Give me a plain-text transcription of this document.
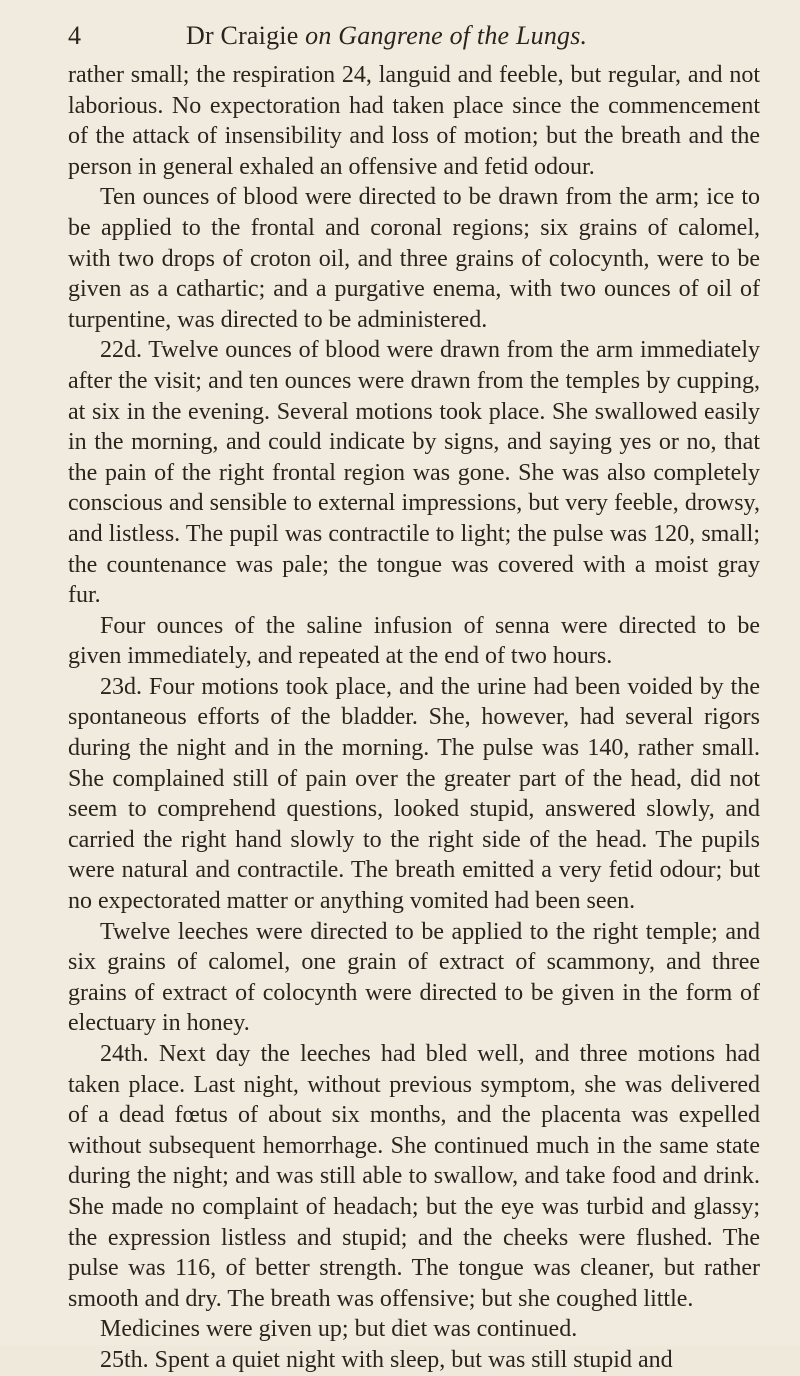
4	Dr Craigie on Gangrene of the Lungs.

rather small; the respiration 24, languid and feeble, but regular, and not laborious. No expectoration had taken place since the commencement of the attack of insensibility and loss of motion; but the breath and the person in general exhaled an offensive and fetid odour.

Ten ounces of blood were directed to be drawn from the arm; ice to be applied to the frontal and coronal regions; six grains of calomel, with two drops of croton oil, and three grains of colocynth, were to be given as a cathartic; and a purgative enema, with two ounces of oil of turpentine, was directed to be administered.

22d. Twelve ounces of blood were drawn from the arm immediately after the visit; and ten ounces were drawn from the temples by cupping, at six in the evening. Several motions took place. She swallowed easily in the morning, and could indicate by signs, and saying yes or no, that the pain of the right frontal region was gone. She was also completely conscious and sensible to external impressions, but very feeble, drowsy, and listless. The pupil was contractile to light; the pulse was 120, small; the countenance was pale; the tongue was covered with a moist gray fur.

Four ounces of the saline infusion of senna were directed to be given immediately, and repeated at the end of two hours.

23d. Four motions took place, and the urine had been voided by the spontaneous efforts of the bladder. She, however, had several rigors during the night and in the morning. The pulse was 140, rather small. She complained still of pain over the greater part of the head, did not seem to comprehend questions, looked stupid, answered slowly, and carried the right hand slowly to the right side of the head. The pupils were natural and contractile. The breath emitted a very fetid odour; but no expectorated matter or anything vomited had been seen.

Twelve leeches were directed to be applied to the right temple; and six grains of calomel, one grain of extract of scammony, and three grains of extract of colocynth were directed to be given in the form of electuary in honey.

24th. Next day the leeches had bled well, and three motions had taken place. Last night, without previous symptom, she was delivered of a dead fœtus of about six months, and the placenta was expelled without subsequent hemorrhage. She continued much in the same state during the night; and was still able to swallow, and take food and drink. She made no complaint of headach; but the eye was turbid and glassy; the expression listless and stupid; and the cheeks were flushed. The pulse was 116, of better strength. The tongue was cleaner, but rather smooth and dry. The breath was offensive; but she coughed little.

Medicines were given up; but diet was continued.

25th. Spent a quiet night with sleep, but was still stupid and
